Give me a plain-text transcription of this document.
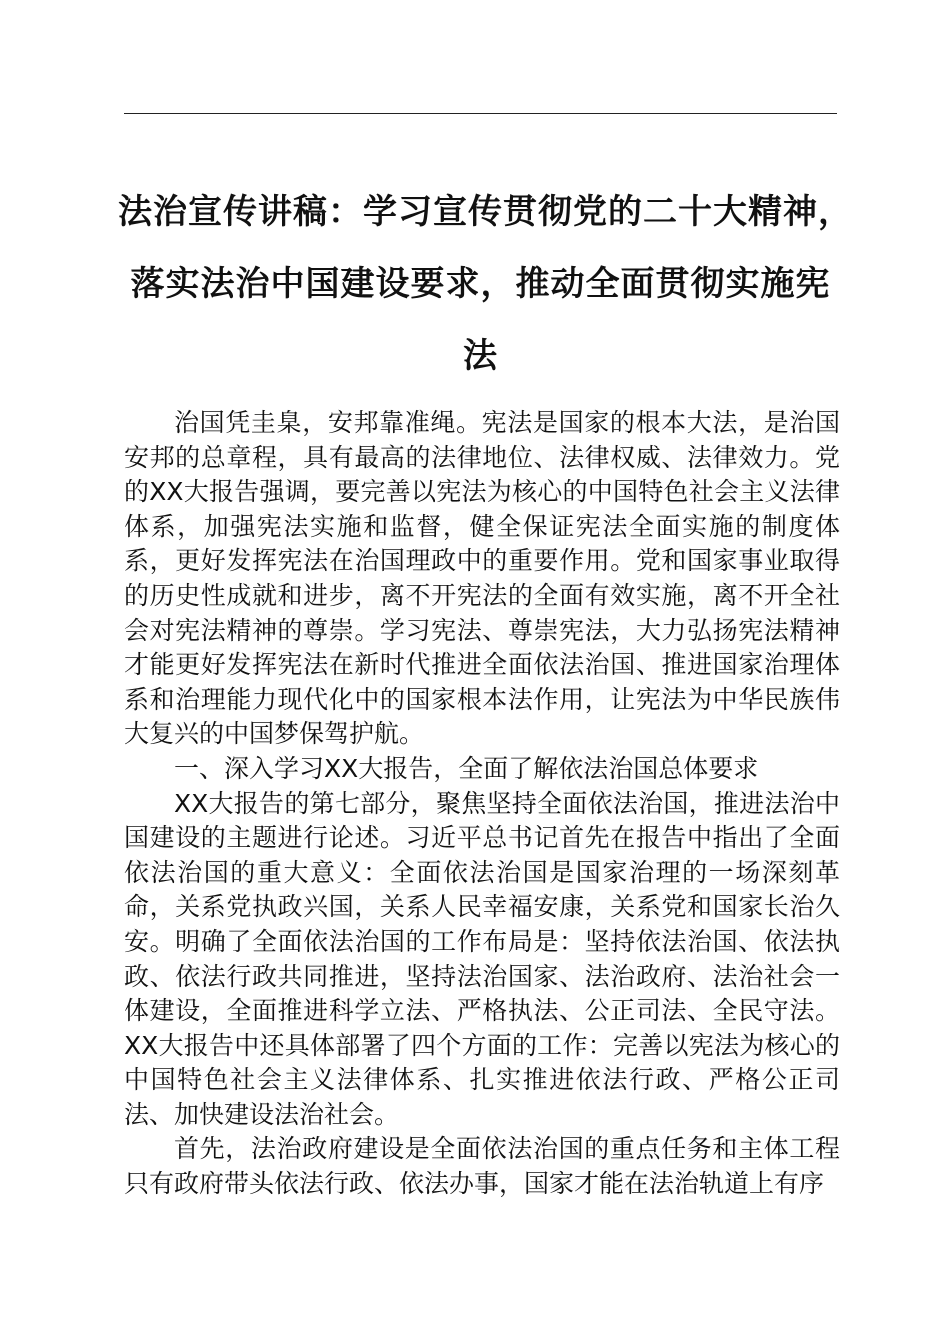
法治宣传讲稿：学习宣传贯彻党的二十大精神，
落实法治中国建设要求，推动全面贯彻实施宪
法

治国凭圭臬，安邦靠准绳。宪法是国家的根本大法，是治国安邦的总章程，具有最高的法律地位、法律权威、法律效力。党的XX大报告强调，要完善以宪法为核心的中国特色社会主义法律体系，加强宪法实施和监督，健全保证宪法全面实施的制度体系，更好发挥宪法在治国理政中的重要作用。党和国家事业取得的历史性成就和进步，离不开宪法的全面有效实施，离不开全社会对宪法精神的尊崇。学习宪法、尊崇宪法，大力弘扬宪法精神才能更好发挥宪法在新时代推进全面依法治国、推进国家治理体系和治理能力现代化中的国家根本法作用，让宪法为中华民族伟大复兴的中国梦保驾护航。

一、深入学习XX大报告，全面了解依法治国总体要求

XX大报告的第七部分，聚焦坚持全面依法治国，推进法治中国建设的主题进行论述。习近平总书记首先在报告中指出了全面依法治国的重大意义：全面依法治国是国家治理的一场深刻革命，关系党执政兴国，关系人民幸福安康，关系党和国家长治久安。明确了全面依法治国的工作布局是：坚持依法治国、依法执政、依法行政共同推进，坚持法治国家、法治政府、法治社会一体建设，全面推进科学立法、严格执法、公正司法、全民守法。XX大报告中还具体部署了四个方面的工作：完善以宪法为核心的中国特色社会主义法律体系、扎实推进依法行政、严格公正司法、加快建设法治社会。

首先，法治政府建设是全面依法治国的重点任务和主体工程只有政府带头依法行政、依法办事，国家才能在法治轨道上有序
